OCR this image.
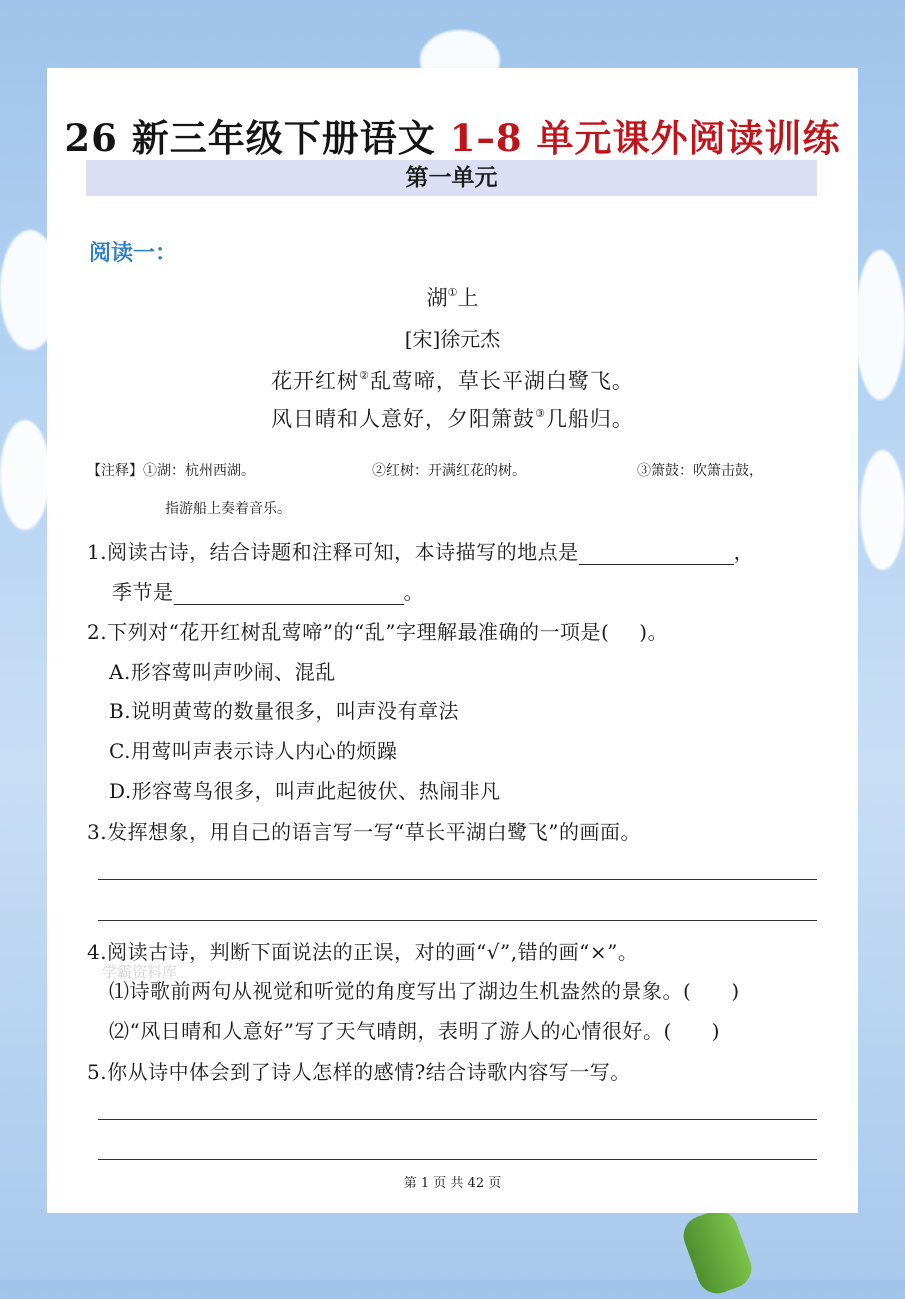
26 新三年级下册语文 1–8 单元课外阅读训练
第一单元
阅读一：
湖①上
[宋]徐元杰
花开红树②乱莺啼，草长平湖白鹭飞。
风日晴和人意好，夕阳箫鼓③几船归。
【注释】①湖：杭州西湖。	②红树：开满红花的树。	③箫鼓：吹箫击鼓，
指游船上奏着音乐。
1.阅读古诗，结合诗题和注释可知，本诗描写的地点是	，
季节是	。
2.下列对“花开红树乱莺啼”的“乱”字理解最准确的一项是( )。
A.形容莺叫声吵闹、混乱
B.说明黄莺的数量很多，叫声没有章法
C.用莺叫声表示诗人内心的烦躁
D.形容莺鸟很多，叫声此起彼伏、热闹非凡
3.发挥想象，用自己的语言写一写“草长平湖白鹭飞”的画面。
4.阅读古诗，判断下面说法的正误，对的画“√”,错的画“×”。
学霸资料库
⑴诗歌前两句从视觉和听觉的角度写出了湖边生机盎然的景象。( )
⑵“风日晴和人意好”写了天气晴朗，表明了游人的心情很好。( )
5.你从诗中体会到了诗人怎样的感情?结合诗歌内容写一写。
第 1 页 共 42 页
